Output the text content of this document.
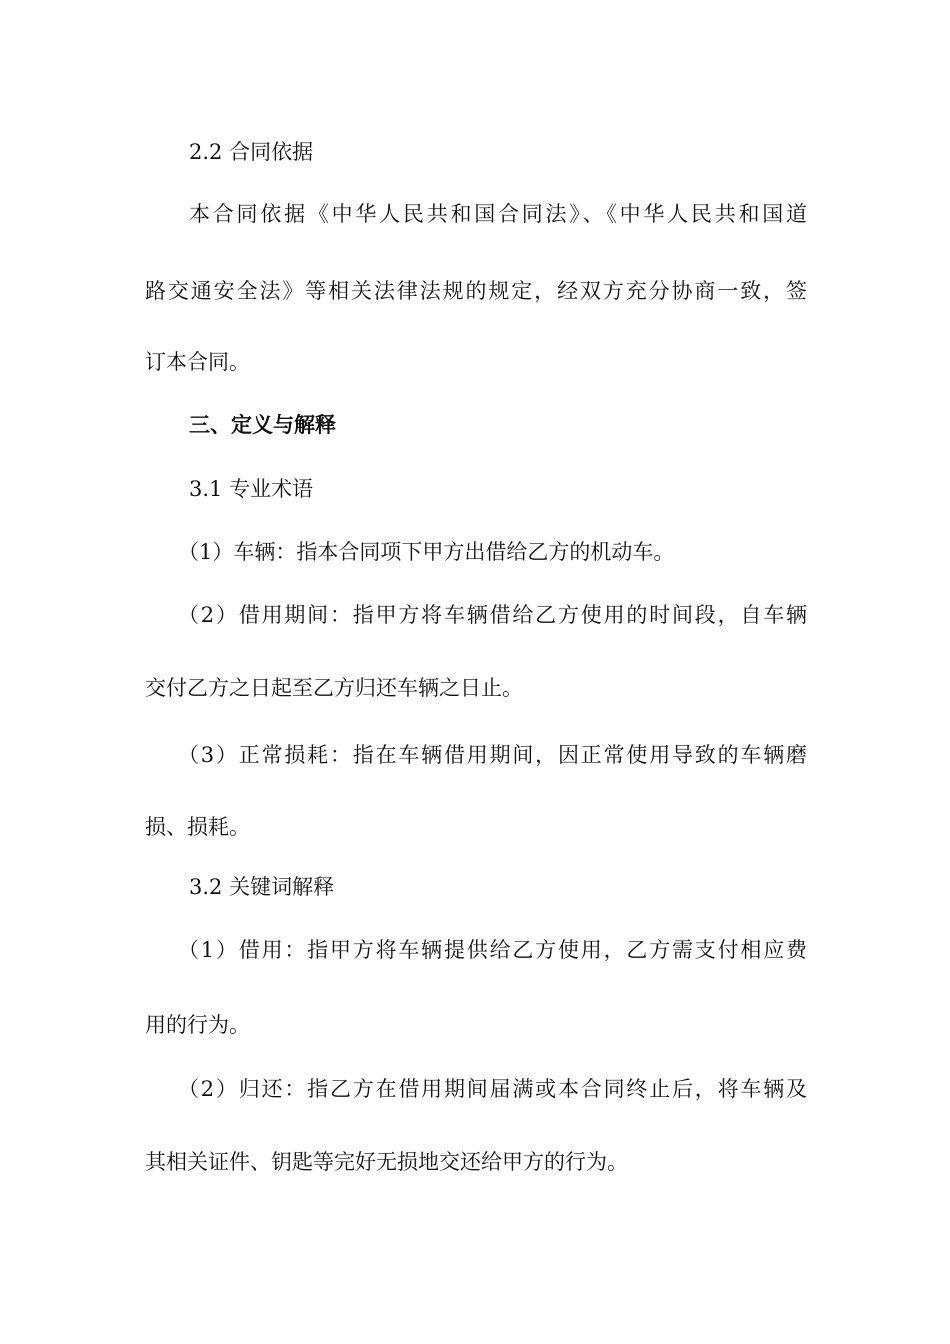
2.2 合同依据
本合同依据《中华人民共和国合同法》、《中华人民共和国道
路交通安全法》等相关法律法规的规定，经双方充分协商一致，签
订本合同。
三、定义与解释
3.1 专业术语
（1）车辆：指本合同项下甲方出借给乙方的机动车。
（2）借用期间：指甲方将车辆借给乙方使用的时间段，自车辆
交付乙方之日起至乙方归还车辆之日止。
（3）正常损耗：指在车辆借用期间，因正常使用导致的车辆磨
损、损耗。
3.2 关键词解释
（1）借用：指甲方将车辆提供给乙方使用，乙方需支付相应费
用的行为。
（2）归还：指乙方在借用期间届满或本合同终止后，将车辆及
其相关证件、钥匙等完好无损地交还给甲方的行为。
